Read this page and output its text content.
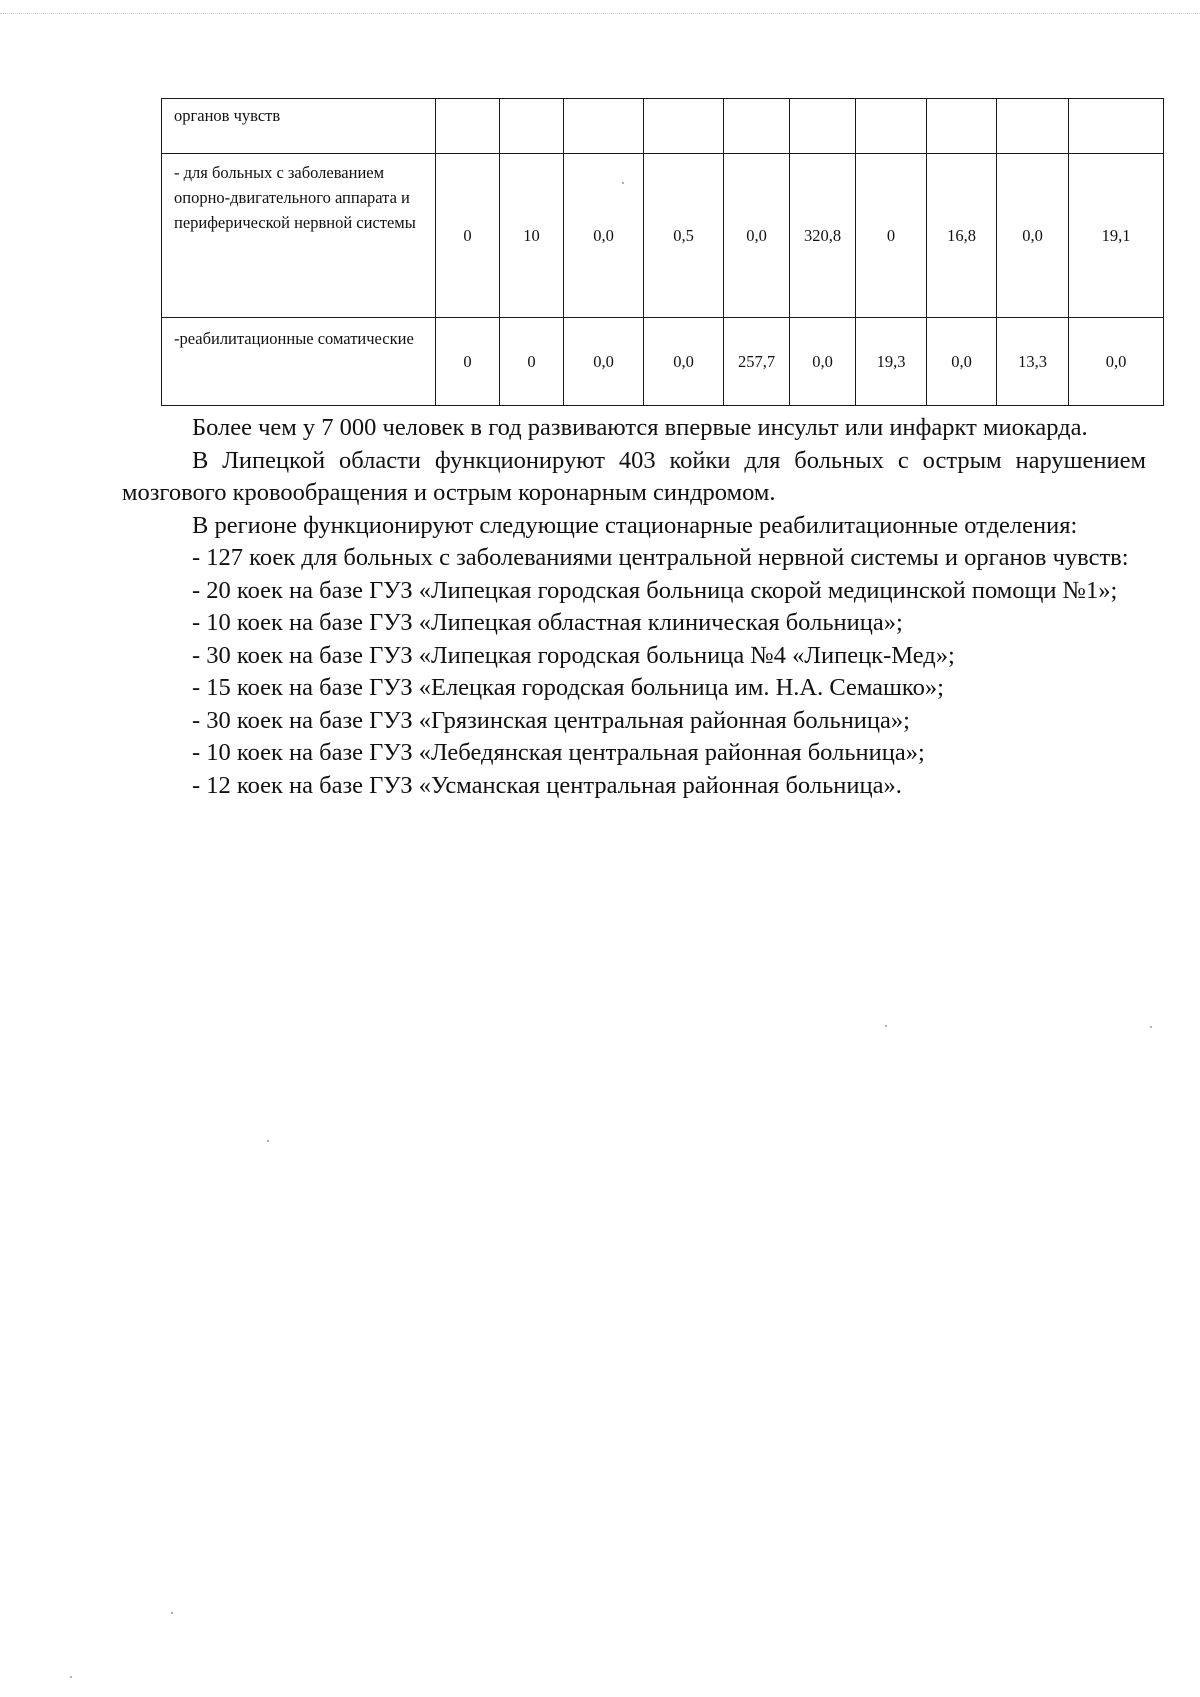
органов чувств										
- для больных с заболеванием опорно-двигательного аппарата и периферической нервной системы	0	10	0,0	0,5	0,0	320,8	0	16,8	0,0	19,1
-реабилитационные соматические	0	0	0,0	0,0	257,7	0,0	19,3	0,0	13,3	0,0

Более чем у 7 000 человек в год развиваются впервые инсульт или инфаркт миокарда.

В Липецкой области функционируют 403 койки для больных с острым нарушением мозгового кровообращения и острым коронарным синдромом.

В регионе функционируют следующие стационарные реабилитационные отделения:

- 127 коек для больных с заболеваниями центральной нервной системы и органов чувств:

- 20 коек на базе ГУЗ «Липецкая городская больница скорой медицинской помощи №1»;

- 10 коек на базе ГУЗ «Липецкая областная клиническая больница»;

- 30 коек на базе ГУЗ «Липецкая городская больница №4 «Липецк-Мед»;

- 15 коек на базе ГУЗ «Елецкая городская больница им. Н.А. Семашко»;

- 30 коек на базе ГУЗ «Грязинская центральная районная больница»;

- 10 коек на базе ГУЗ «Лебедянская центральная районная больница»;

- 12 коек на базе ГУЗ «Усманская центральная районная больница».
